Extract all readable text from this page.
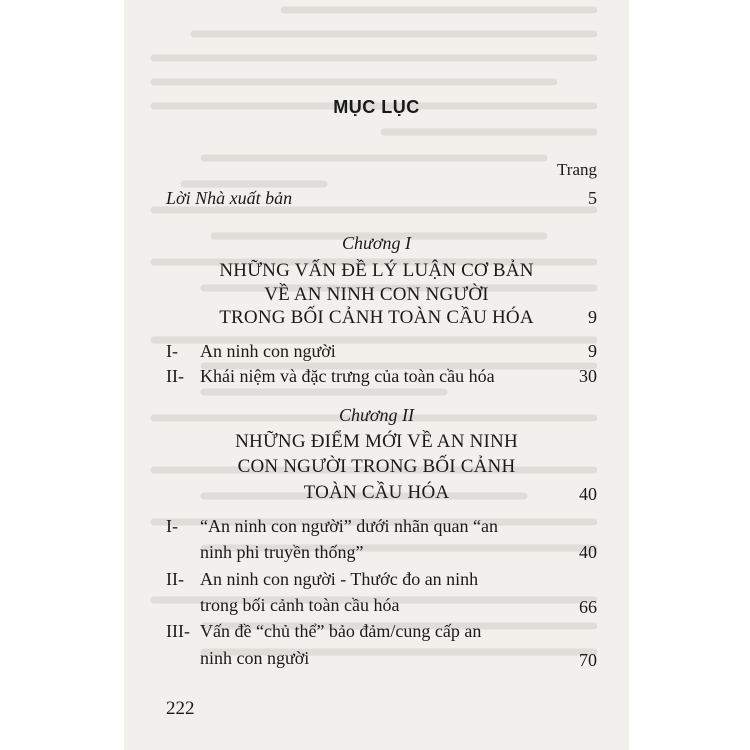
MỤC LỤC
Trang
Lời Nhà xuất bản	5
Chương I
NHỮNG VẤN ĐỀ LÝ LUẬN CƠ BẢN
VỀ AN NINH CON NGƯỜI
TRONG BỐI CẢNH TOÀN CẦU HÓA	9
I- An ninh con người	9
II- Khái niệm và đặc trưng của toàn cầu hóa	30
Chương II
NHỮNG ĐIỂM MỚI VỀ AN NINH
CON NGƯỜI TRONG BỐI CẢNH
TOÀN CẦU HÓA	40
I- “An ninh con người” dưới nhãn quan “an
ninh phi truyền thống”	40
II- An ninh con người - Thước đo an ninh
trong bối cảnh toàn cầu hóa	66
III- Vấn đề “chủ thể” bảo đảm/cung cấp an
ninh con người	70
222
